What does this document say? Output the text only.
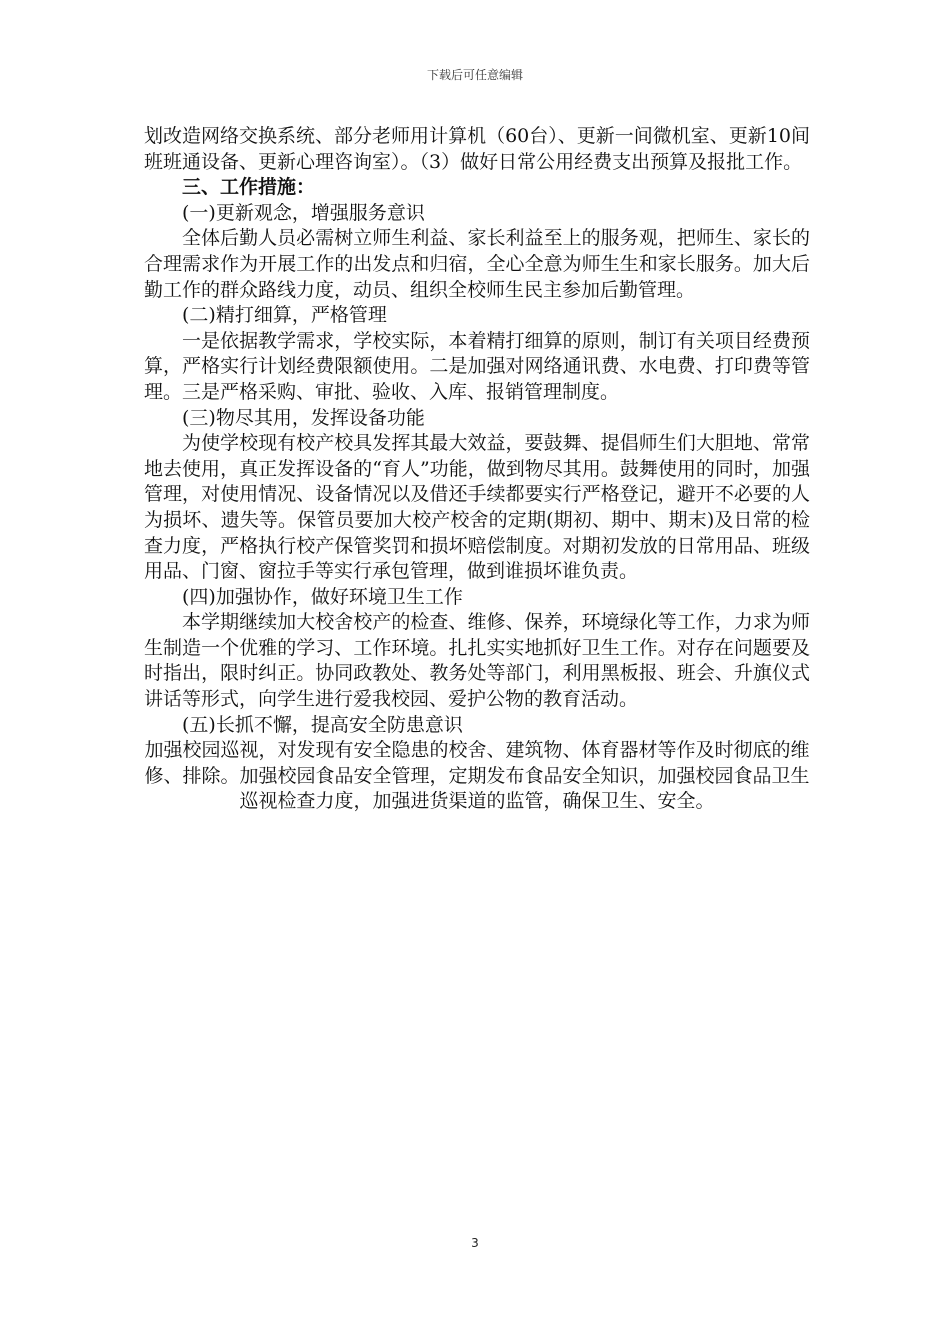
下载后可任意编辑

划改造网络交换系统、部分老师用计算机（60台）、更新一间微机室、更新10间班班通设备、更新心理咨询室）。（3）做好日常公用经费支出预算及报批工作。

三、工作措施：

(一)更新观念，增强服务意识

全体后勤人员必需树立师生利益、家长利益至上的服务观，把师生、家长的合理需求作为开展工作的出发点和归宿，全心全意为师生生和家长服务。加大后勤工作的群众路线力度，动员、组织全校师生民主参加后勤管理。

(二)精打细算，严格管理

一是依据教学需求，学校实际，本着精打细算的原则，制订有关项目经费预算，严格实行计划经费限额使用。二是加强对网络通讯费、水电费、打印费等管理。三是严格采购、审批、验收、入库、报销管理制度。

(三)物尽其用，发挥设备功能

为使学校现有校产校具发挥其最大效益，要鼓舞、提倡师生们大胆地、常常地去使用，真正发挥设备的“育人”功能，做到物尽其用。鼓舞使用的同时，加强管理，对使用情况、设备情况以及借还手续都要实行严格登记，避开不必要的人为损坏、遗失等。保管员要加大校产校舍的定期(期初、期中、期末)及日常的检查力度，严格执行校产保管奖罚和损坏赔偿制度。对期初发放的日常用品、班级用品、门窗、窗拉手等实行承包管理，做到谁损坏谁负责。

(四)加强协作，做好环境卫生工作

本学期继续加大校舍校产的检查、维修、保养，环境绿化等工作，力求为师生制造一个优雅的学习、工作环境。扎扎实实地抓好卫生工作。对存在问题要及时指出，限时纠正。协同政教处、教务处等部门，利用黑板报、班会、升旗仪式讲话等形式，向学生进行爱我校园、爱护公物的教育活动。

(五)长抓不懈，提高安全防患意识

加强校园巡视，对发现有安全隐患的校舍、建筑物、体育器材等作及时彻底的维修、排除。加强校园食品安全管理，定期发布食品安全知识，加强校园食品卫生巡视检查力度，加强进货渠道的监管，确保卫生、安全。

3
